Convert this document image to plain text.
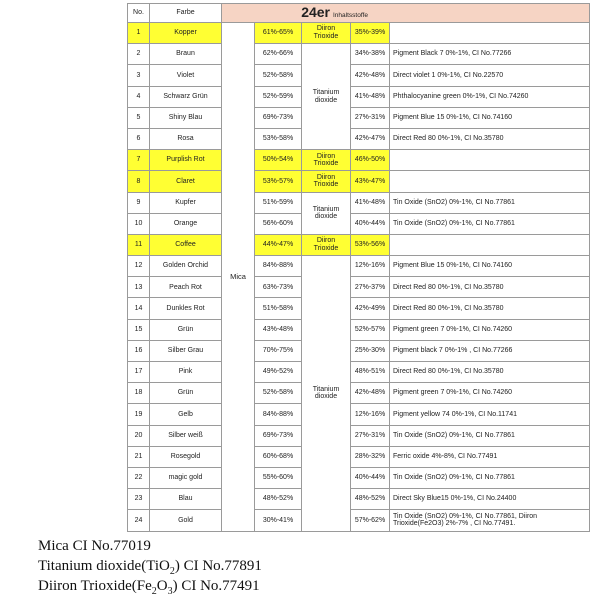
No.	Farbe	24er Inhaltsstoffe				
1	Kopper	Mica	61%-65%	Diiron Trioxide	35%-39%	
2	Braun		62%-66%	Titanium dioxide	34%-38%	Pigment Black 7 0%-1%, CI No.77266
3	Violet		52%-58%		42%-48%	Direct violet 1 0%-1%, CI No.22570
4	Schwarz Grün		52%-59%		41%-48%	Phthalocyanine green 0%-1%, CI No.74260
5	Shiny Blau		69%-73%		27%-31%	Pigment Blue 15 0%-1%, CI No.74160
6	Rosa		53%-58%		42%-47%	Direct Red 80 0%-1%, CI No.35780
7	Purplish Rot		50%-54%	Diiron Trioxide	46%-50%	
8	Claret		53%-57%	Diiron Trioxide	43%-47%	
9	Kupfer		51%-59%	Titanium dioxide	41%-48%	Tin Oxide (SnO2) 0%-1%, CI No.77861
10	Orange		56%-60%		40%-44%	Tin Oxide (SnO2) 0%-1%, CI No.77861
11	Coffee		44%-47%	Diiron Trioxide	53%-56%	
12	Golden Orchid		84%-88%	Titanium dioxide	12%-16%	Pigment Blue 15 0%-1%, CI No.74160
13	Peach Rot		63%-73%		27%-37%	Direct Red 80 0%-1%, CI No.35780
14	Dunkles Rot		51%-58%		42%-49%	Direct Red 80 0%-1%, CI No.35780
15	Grün		43%-48%		52%-57%	Pigment green 7 0%-1%, CI No.74260
16	Silber Grau		70%-75%		25%-30%	Pigment black 7 0%-1% , CI No.77266
17	Pink		49%-52%		48%-51%	Direct Red 80 0%-1%, CI No.35780
18	Grün		52%-58%		42%-48%	Pigment green 7 0%-1%, CI No.74260
19	Gelb		84%-88%		12%-16%	Pigment yellow 74 0%-1%, CI No.11741
20	Silber weiß		69%-73%		27%-31%	Tin Oxide (SnO2) 0%-1%, CI No.77861
21	Rosegold		60%-68%		28%-32%	Ferric oxide 4%-8%, CI No.77491
22	magic gold		55%-60%		40%-44%	Tin Oxide (SnO2) 0%-1%, CI No.77861
23	Blau		48%-52%		48%-52%	Direct Sky Blue15 0%-1%, CI No.24400
24	Gold		30%-41%		57%-62%	Tin Oxide (SnO2) 0%-1%, CI No.77861, Diiron Trioxide(Fe2O3) 2%-7% , CI No.77491.
Mica CI No.77019
Titanium dioxide(TiO$_2$) CI No.77891
Diiron $Trioxide(Fe_2O_3)$ CI No.77491
